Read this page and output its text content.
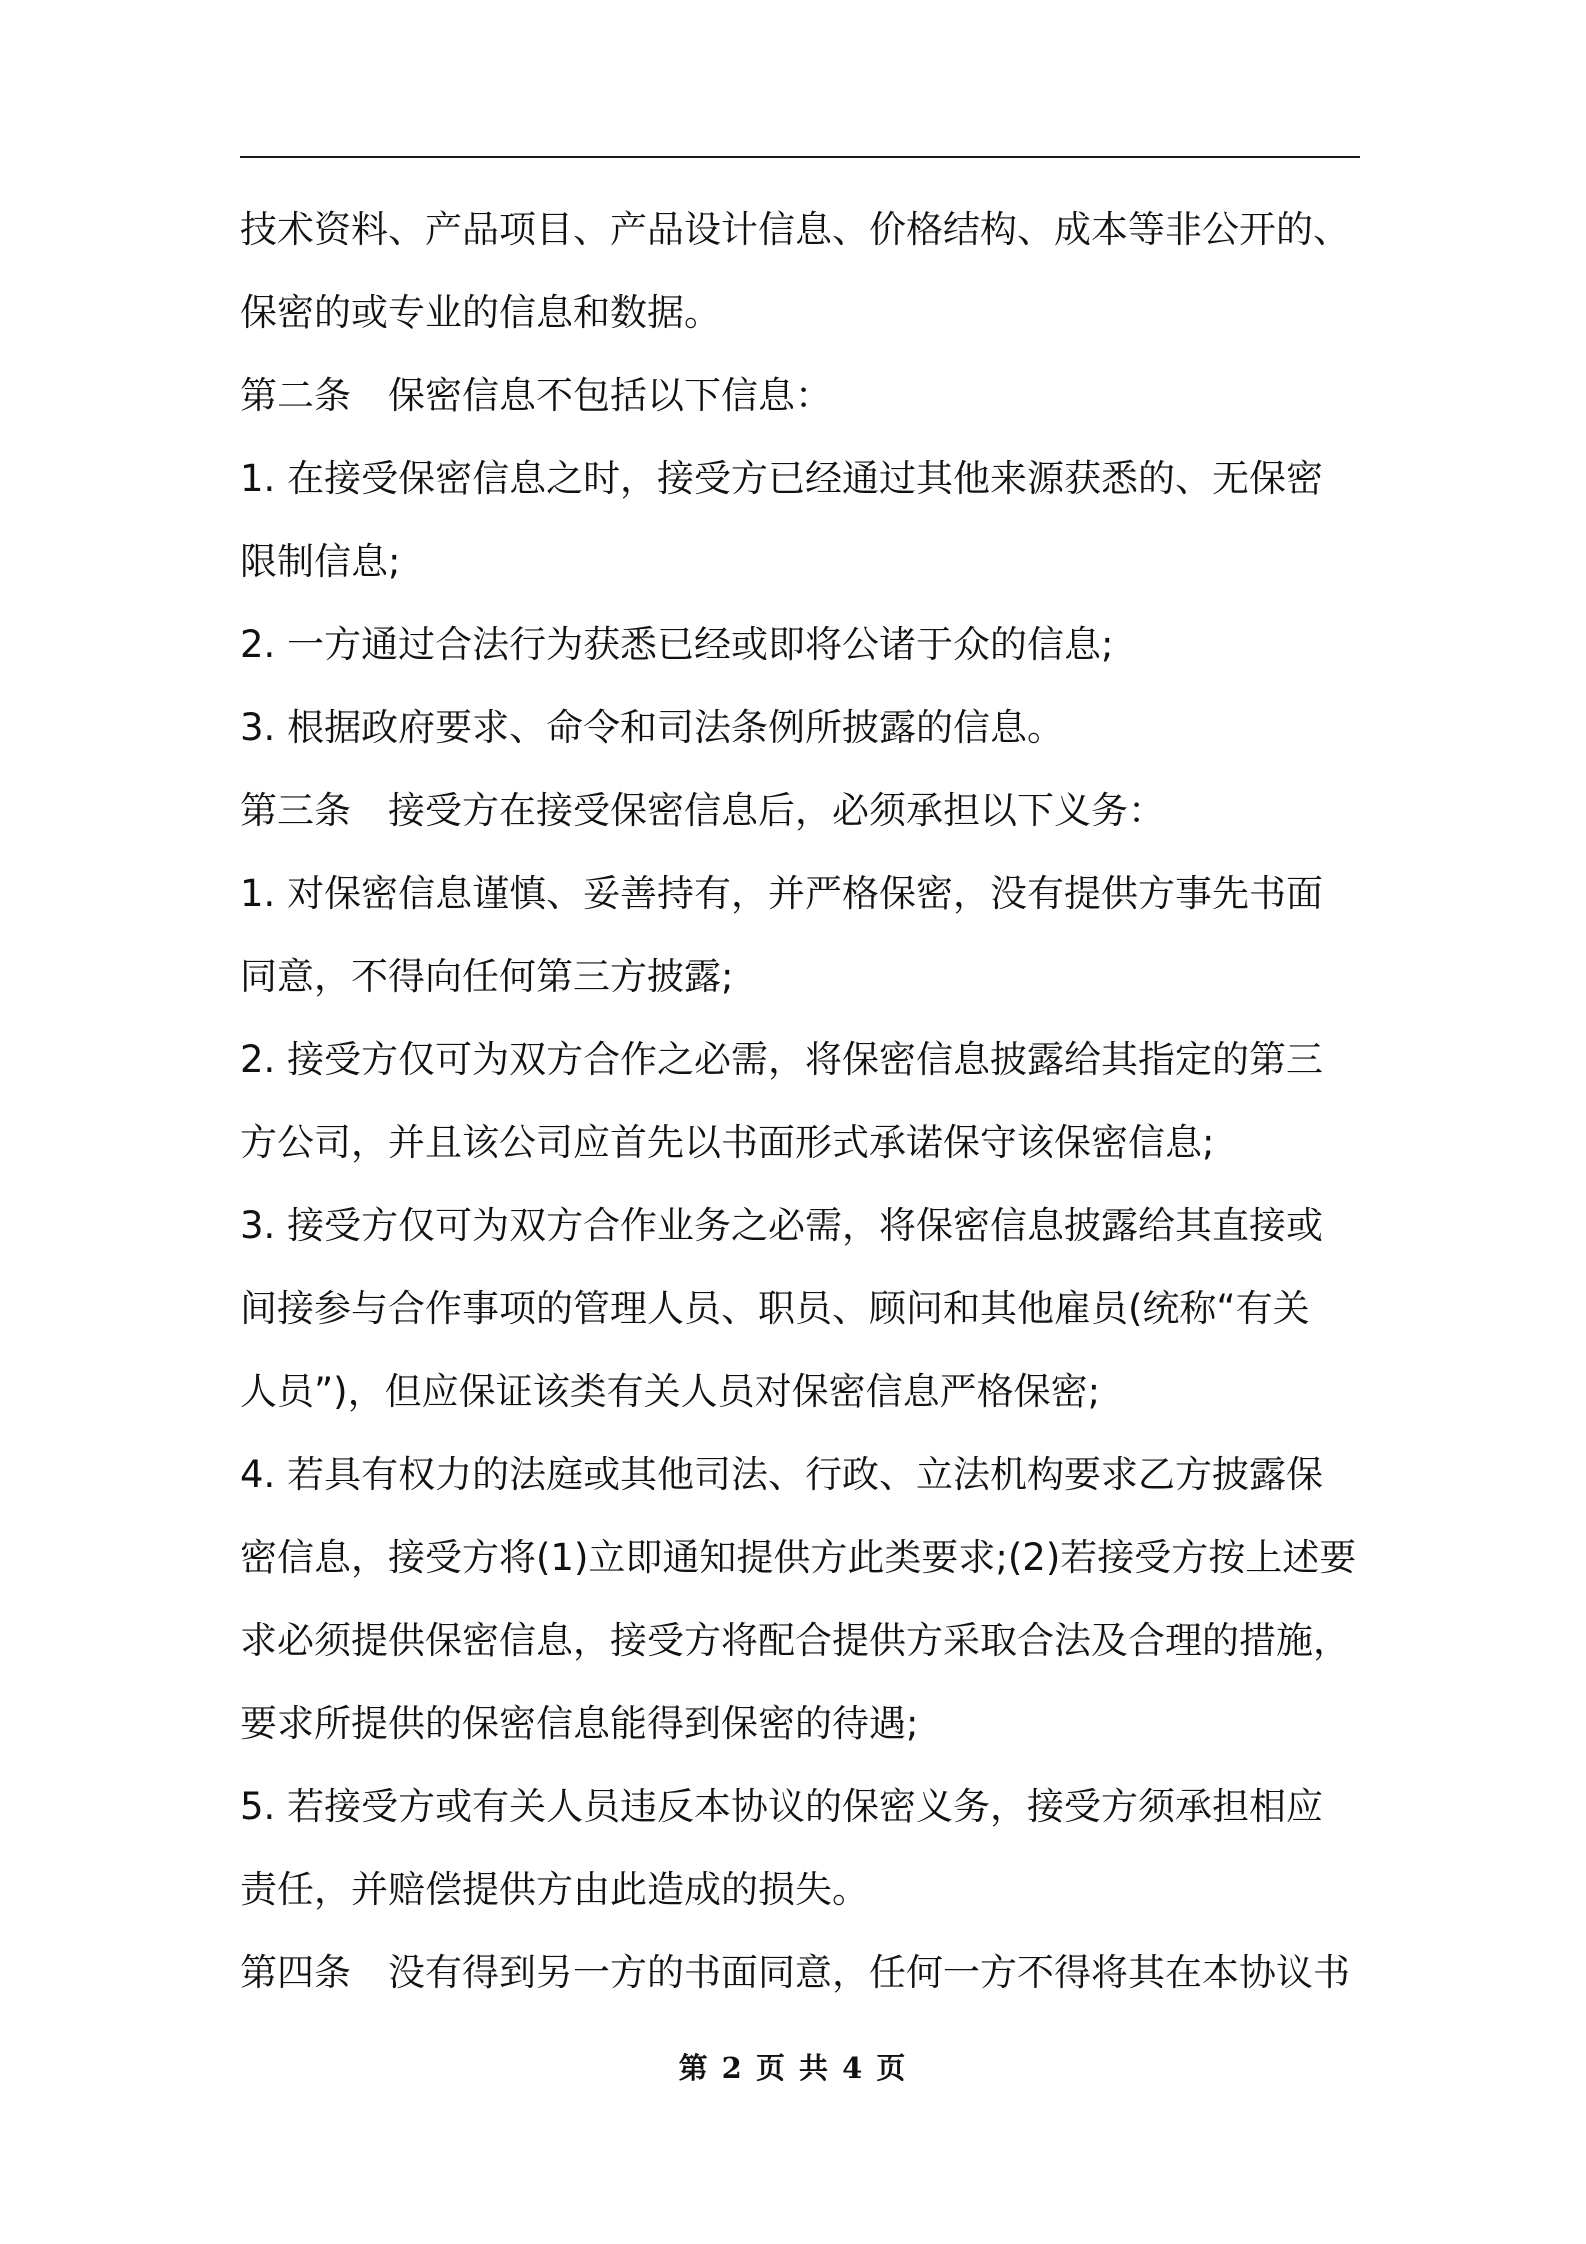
技术资料、产品项目、产品设计信息、价格结构、成本等非公开的、
保密的或专业的信息和数据。
第二条　保密信息不包括以下信息：
1. 在接受保密信息之时，接受方已经通过其他来源获悉的、无保密
限制信息;
2. 一方通过合法行为获悉已经或即将公诸于众的信息;
3. 根据政府要求、命令和司法条例所披露的信息。
第三条　接受方在接受保密信息后，必须承担以下义务：
1. 对保密信息谨慎、妥善持有，并严格保密，没有提供方事先书面
同意，不得向任何第三方披露;
2. 接受方仅可为双方合作之必需，将保密信息披露给其指定的第三
方公司，并且该公司应首先以书面形式承诺保守该保密信息;
3. 接受方仅可为双方合作业务之必需，将保密信息披露给其直接或
间接参与合作事项的管理人员、职员、顾问和其他雇员(统称“有关
人员”)，但应保证该类有关人员对保密信息严格保密;
4. 若具有权力的法庭或其他司法、行政、立法机构要求乙方披露保
密信息，接受方将(1)立即通知提供方此类要求;(2)若接受方按上述要
求必须提供保密信息，接受方将配合提供方采取合法及合理的措施，
要求所提供的保密信息能得到保密的待遇;
5. 若接受方或有关人员违反本协议的保密义务，接受方须承担相应
责任，并赔偿提供方由此造成的损失。
第四条　没有得到另一方的书面同意，任何一方不得将其在本协议书
第 2 页 共 4 页
